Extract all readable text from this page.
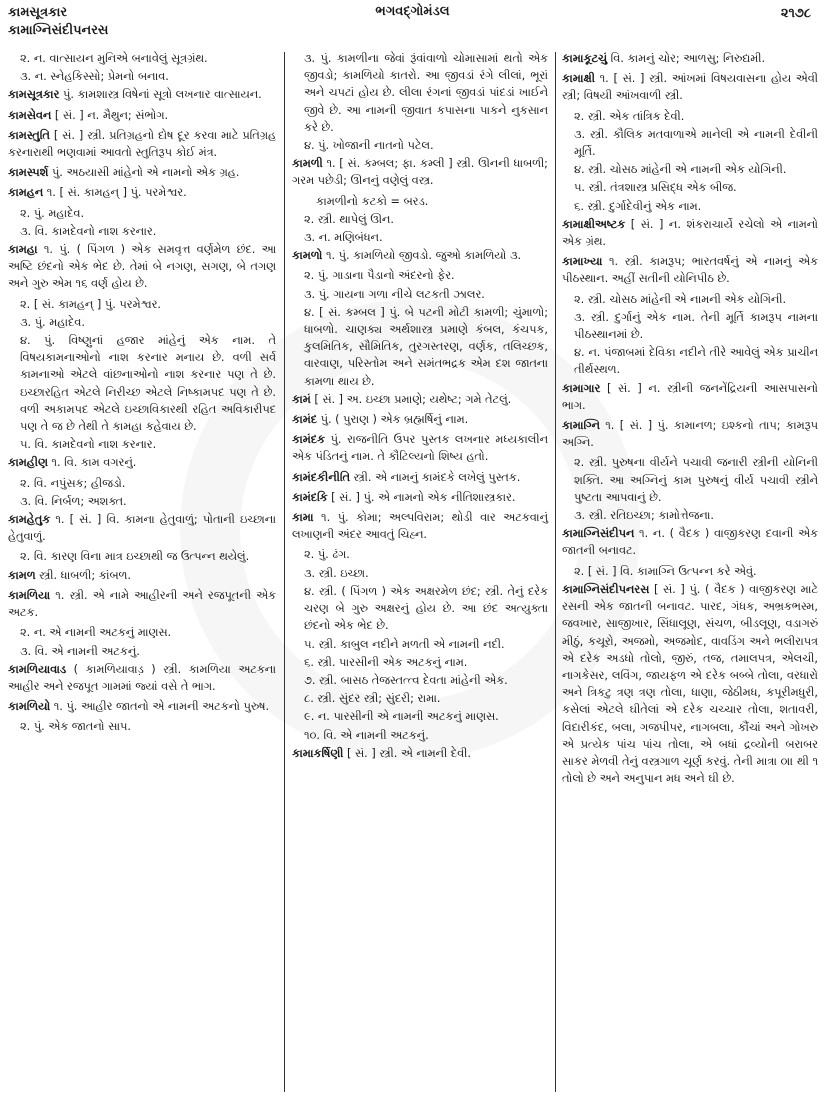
કામસૂત્રકાર
કામાગ્નિસંદીપનરસ
ભગવદ્ગોમંડલ	૨૧૭૮
૨. ન. વાત્સાયન મુનિએ બનાવેલું સૂત્રગ્રંથ.
૩. ન. સ્નેહકિસ્સો; પ્રેમનો બનાવ.
કામસૂત્રકાર પું. કામશાસ્ત્ર વિષેનાં સૂત્રો લખનાર વાત્સાયન.
કામસેવન [ સં. ] ન. મૈથુન; સંભોગ.
કામસ્તુતિ [ સં. ] સ્ત્રી. પ્રતિગ્રહનો દોષ દૂર કરવા માટે પ્રતિગ્રહ કરનારાથી ભણવામાં આવતો સ્તુતિરૂપ કોઈ મંત્ર.
કામસ્પર્શ પું. અઠયાસી માંહેનો એ નામનો એક ગ્રહ.
કામહન ૧. [ સં. કામહન્ ] પું. પરમેશ્વર.
૨. પું. મહાદેવ.
૩. વિ. કામદેવનો નાશ કરનાર.
કામહા ૧. પું. ( પિંગળ ) એક સમવૃત્ત વર્ણમેળ છંદ. આ અષ્ટિ છંદનો એક ભેદ છે. તેમાં બે નગણ, સગણ, બે તગણ અને ગુરુ એમ ૧૬ વર્ણ હોય છે.
૨. [ સં. કામહન્ ] પું. પરમેશ્વર.
૩. પું. મહાદેવ.
૪. પું. વિષ્ણુનાં હજાર માંહેનું એક નામ. તે વિષયકામનાઓનો નાશ કરનાર મનાય છે. વળી સર્વ કામનાઓ એટલે વાંછનાઓનો નાશ કરનાર પણ તે છે. ઇચ્છારહિત એટલે નિરીચ્છ એટલે નિષ્કામપદ પણ તે છે. વળી અકામપદ એટલે ઇચ્છાવિકારથી રહિત અવિકારીપદ પણ તે જ છે તેથી તે કામહા કહેવાય છે.
૫. વિ. કામદેવનો નાશ કરનાર.
કામહીણ ૧. વિ. કામ વગરનું.
૨. વિ. નપુંસક; હીજડો.
૩. વિ. નિર્બળ; અશક્ત.
કામહેતુક ૧. [ સં. ] વિ. કામના હેતુવાળું; પોતાની ઇચ્છાના હેતુવાળું.
૨. વિ. કારણ વિના માત્ર ઇચ્છાથી જ ઉત્પન્ન થયેલું.
કામળ સ્ત્રી. ધાબળી; કાંબળ.
કામળિયા ૧. સ્ત્રી. એ નામે આહીરની અને રજપૂતની એક અટક.
૨. ન. એ નામની અટકનું માણસ.
૩. વિ. એ નામની અટકનું.
કામળિયાવાડ ( કામળિયાવાડ઼ ) સ્ત્રી. કામળિયા અટકના આહીર અને રજપૂત ગામમાં જ્યાં વસે તે ભાગ.
કામળિયો ૧. પું. આહીર જાતનો એ નામની અટકનો પુરુષ.
૨. પું. એક જાતનો સાપ.
૩. પું. કામળીના જેવાં રૂંવાંવાળો ચોમાસામાં થતો એક જીવડો; કામળિયો કાતરો. આ જીવડાં રંગે લીલાં, ભૂરાં અને ચપટાં હોય છે. લીલા રંગનાં જીવડાં પાંદડાં ખાઈને જીવે છે. આ નામની જીવાત કપાસના પાકને નુકસાન કરે છે.
૪. પું. ખોજાની નાતનો પટેલ.
કામળી ૧. [ સં. કમ્બલ; ફા. કમ્લી ] સ્ત્રી. ઊનની ધાબળી; ગરમ પછેડી; ઊનનું વણેલું વસ્ત્ર.
કામળીનો કટકો = બરડ.
૨. સ્ત્રી. થાપેલું ઊન.
૩. ન. મણિબંધન.
કામળો ૧. પું. કામળિયો જીવડો. જુઓ કામળિયો ૩.
૨. પું. ગાડાના પૈડાનો અંદરનો ફેર.
૩. પું. ગાયના ગળા નીચે લટકતી ઝાલર.
૪. [ સં. કમ્બલ ] પું. બે પટની મોટી કામળી; ચુંમાળો; ધાબળો. ચાણક્ય અર્થશાસ્ત્ર પ્રમાણે કંબલ, કંચપક, કુલમિતિક, સૌમિતિક, તુરગસ્તરણ, વર્ણક, તલિચ્છક, વારવાણ, પરિસ્તોમ અને સમંતભદ્રક એમ દશ જાતના કામળા થાય છે.
કામં [ સં. ] અ. ઇચ્છા પ્રમાણે; યથેષ્ટ; ગમે તેટલું.
કામંદ પું. ( પુરાણ ) એક બ્રહ્મર્ષિનું નામ.
કામંદક પું. રાજનીતિ ઉપર પુસ્તક લખનાર મધ્યકાલીન એક પંડિતનું નામ. તે કૌટિલ્યનો શિષ્ય હતો.
કામંદકીનીતિ સ્ત્રી. એ નામનું કામંદકે લખેલું પુસ્તક.
કામંદકિ [ સં. ] પું. એ નામનો એક નીતિશાસ્ત્રકાર.
કામા ૧. પું. કોમા; અલ્પવિરામ; થોડી વાર અટકવાનું લખાણની અંદર આવતું ચિહ્ન.
૨. પું. ઢંગ.
૩. સ્ત્રી. ઇચ્છા.
૪. સ્ત્રી. ( પિંગળ ) એક અક્ષરમેળ છંદ; સ્ત્રી. તેનું દરેક ચરણ બે ગુરુ અક્ષરનું હોય છે. આ છંદ અત્યુક્તા છંદનો એક ભેદ છે.
૫. સ્ત્રી. કાબુલ નદીને મળતી એ નામની નદી.
૬. સ્ત્રી. પારસીની એક અટકનું નામ.
૭. સ્ત્રી. બાસઠ તેજસ્તત્ત્વ દેવતા માંહેની એક.
૮. સ્ત્રી. સુંદર સ્ત્રી; સુંદરી; રામા.
૯. ન. પારસીની એ નામની અટકનું માણસ.
૧૦. વિ. એ નામની અટકનું.
કામાકર્ષિણી [ સં. ] સ્ત્રી. એ નામની દેવી.
કામાકૂટચું વિ. કામનું ચોર; આળસુ; નિરુદ્યમી.
કામાક્ષી ૧. [ સં. ] સ્ત્રી. આંખમાં વિષયવાસના હોય એવી સ્ત્રી; વિષયી આંખવાળી સ્ત્રી.
૨. સ્ત્રી. એક તાંત્રિક દેવી.
૩. સ્ત્રી. કૌલિક મતવાળાએ માનેલી એ નામની દેવીની મૂર્તિ.
૪. સ્ત્રી. ચોસઠ માંહેની એ નામની એક યોગિની.
૫. સ્ત્રી. તંત્રશાસ્ત્ર પ્રસિદ્ધ એક બીજ.
૬. સ્ત્રી. દુર્ગાદેવીનું એક નામ.
કામાક્ષીઅષ્ટક [ સં. ] ન. શંકરાચાર્યે રચેલો એ નામનો એક ગ્રંથ.
કામાખ્યા ૧. સ્ત્રી. કામરૂપ; ભારતવર્ષનું એ નામનું એક પીઠસ્થાન. અહીં સતીની યોનિપીઠ છે.
૨. સ્ત્રી. ચોસઠ માંહેની એ નામની એક યોગિની.
૩. સ્ત્રી. દુર્ગાનું એક નામ. તેની મૂર્તિ કામરૂપ નામના પીઠસ્થાનમાં છે.
૪. ન. પંજાબમાં દેવિકા નદીને તીરે આવેલું એક પ્રાચીન તીર્થસ્થળ.
કામાગાર [ સં. ] ન. સ્ત્રીની જનનેંદ્રિયની આસપાસનો ભાગ.
કામાગ્નિ ૧. [ સં. ] પું. કામાનળ; ઇશ્કનો તાપ; કામરૂપ અગ્નિ.
૨. સ્ત્રી. પુરુષના વીર્યને પચાવી જનારી સ્ત્રીની યોનિની શક્તિ. આ અગ્નિનું કામ પુરુષનું વીર્ય પચાવી સ્ત્રીને પુષ્ટતા આપવાનું છે.
૩. સ્ત્રી. રતિઇચ્છા; કામોત્તેજના.
કામાગ્નિસંદીપન ૧. ન. ( વૈદક ) વાજીકરણ દવાની એક જાતની બનાવટ.
૨. [ સં. ] વિ. કામાગ્નિ ઉત્પન્ન કરે એવું.
કામાગ્નિસંદીપનરસ [ સં. ] પું. ( વૈદક ) વાજીકરણ માટે રસની એક જાતની બનાવટ. પારદ, ગંધક, અભ્રકભસ્મ, જવખાર, સાજીખાર, સિંધાલૂણ, સંચળ, બીડલૂણ, વડાગરું મીઠું, કચૂરો, અજમો, અજમોદ, વાવડિંગ અને ભલીરાપત્ર એ દરેક અડધો તોલો, જીરું, તજ, તમાલપત્ર, એલચી, નાગકેસર, લવિંગ, જાયફળ એ દરેક બબ્બે તોલા, વરધારો અને ત્રિકટુ ત્રણ ત્રણ તોલા, ધાણા, જેઠીમધ, કપૂરીમધુરી, કસેલાં એટલે ઘીતેલાં એ દરેક ચચ્ચાર તોલા, શતાવરી, વિદારીકંદ, બલા, ગજપીપર, નાગબલા, કૌંચાં અને ગોખરુ એ પ્રત્યેક પાંચ પાંચ તોલા, એ બધાં દ્રવ્યોની બરાબર સાકર મેળવી તેનું વસ્ત્રગાળ ચૂર્ણ કરવું. તેની માત્રા ૦॥ થી ૧ તોલો છે અને અનુપાન મધ અને ઘી છે.
